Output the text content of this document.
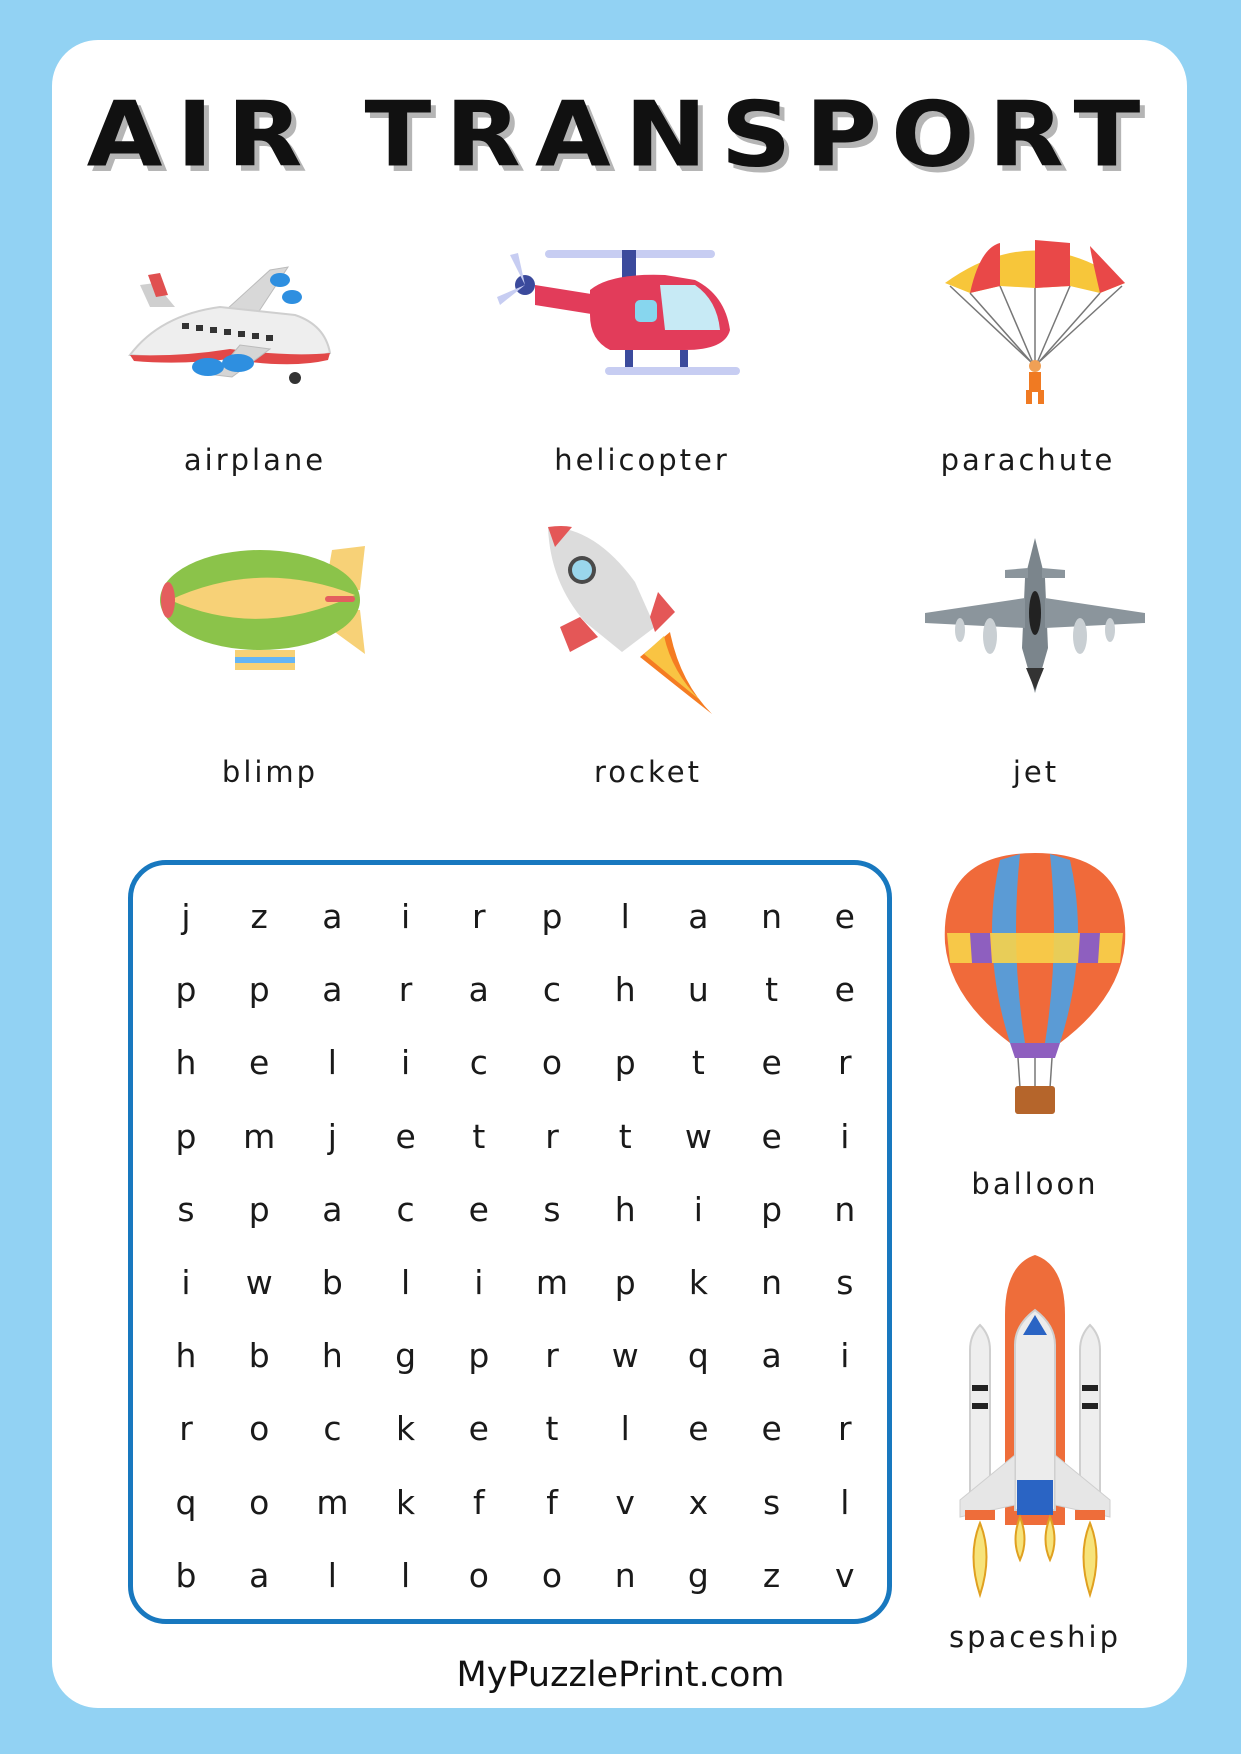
AIR TRANSPORT
airplane	helicopter	parachute
blimp	rocket	jet
j	z	a	i	r	p	l	a	n	e
p	p	a	r	a	c	h	u	t	e
h	e	l	i	c	o	p	t	e	r
p	m	j	e	t	r	t	w	e	i
s	p	a	c	e	s	h	i	p	n
i	w	b	l	i	m	p	k	n	s
h	b	h	g	p	r	w	q	a	i
r	o	c	k	e	t	l	e	e	r
q	o	m	k	f	f	v	x	s	l
b	a	l	l	o	o	n	g	z	v
balloon
spaceship
MyPuzzlePrint.com
